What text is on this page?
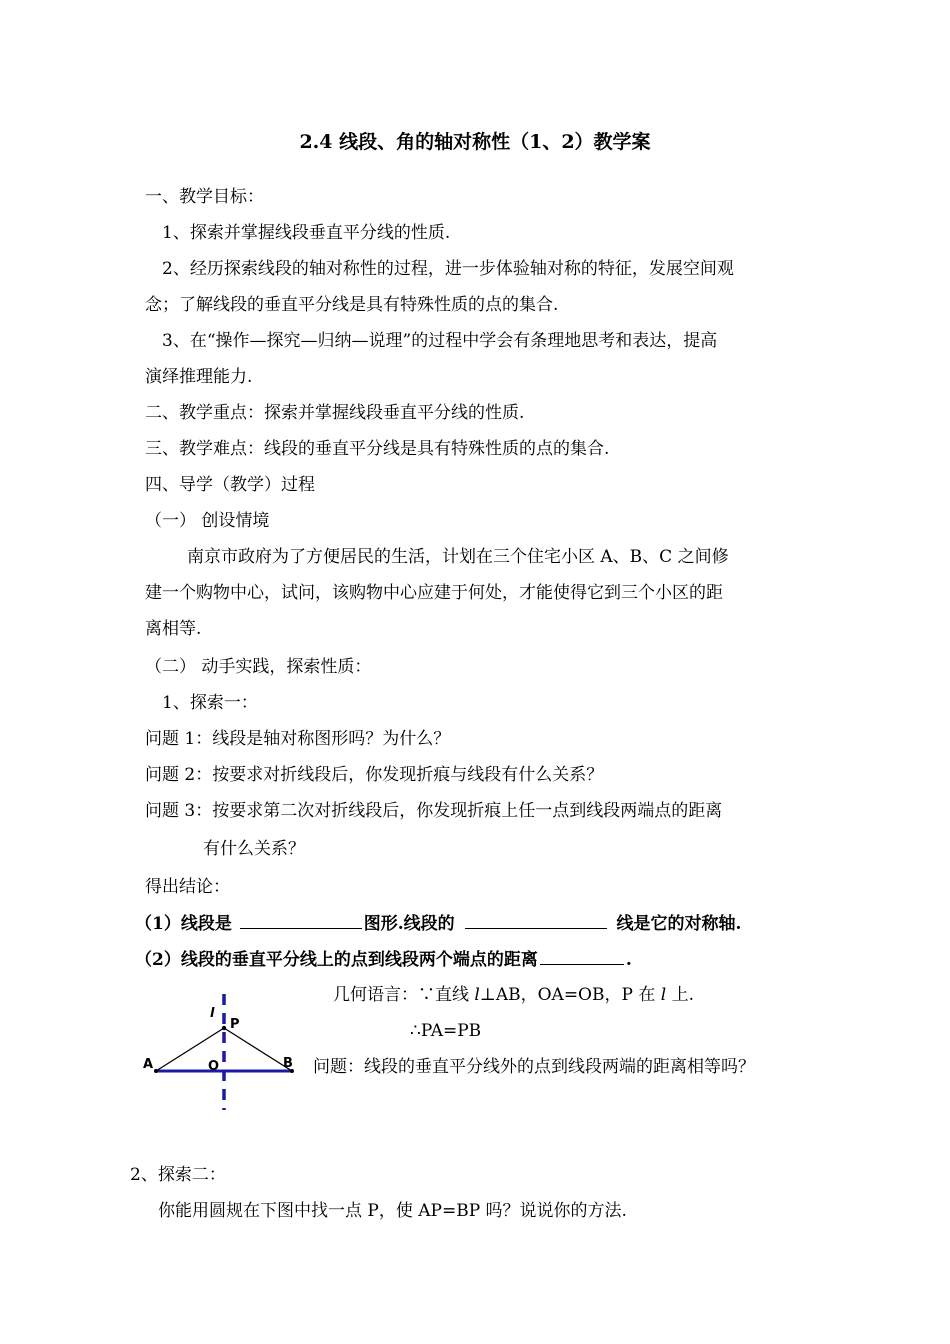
2.4 线段、角的轴对称性（1、2）教学案
一、教学目标：
1、探索并掌握线段垂直平分线的性质.
2、经历探索线段的轴对称性的过程，进一步体验轴对称的特征，发展空间观
念；了解线段的垂直平分线是具有特殊性质的点的集合.
3、在“操作—探究—归纳—说理”的过程中学会有条理地思考和表达，提高
演绎推理能力.
二、教学重点：探索并掌握线段垂直平分线的性质.
三、教学难点：线段的垂直平分线是具有特殊性质的点的集合.
四、导学（教学）过程
（一） 创设情境
南京市政府为了方便居民的生活，计划在三个住宅小区 A、B、C 之间修
建一个购物中心，试问，该购物中心应建于何处，才能使得它到三个小区的距
离相等.
（二） 动手实践，探索性质：
1、探索一：
问题 1：线段是轴对称图形吗？为什么？
问题 2：按要求对折线段后，你发现折痕与线段有什么关系？
问题 3：按要求第二次对折线段后，你发现折痕上任一点到线段两端点的距离
有什么关系？
得出结论：
（1）线段是	图形.线段的	线是它的对称轴.
（2）线段的垂直平分线上的点到线段两个端点的距离	.
几何语言：∵直线 l⊥AB，OA=OB，P 在 l 上.
∴PA=PB
问题：线段的垂直平分线外的点到线段两端的距离相等吗？
l
P
A	O	B
2、探索二：
你能用圆规在下图中找一点 P，使 AP=BP 吗？说说你的方法.
